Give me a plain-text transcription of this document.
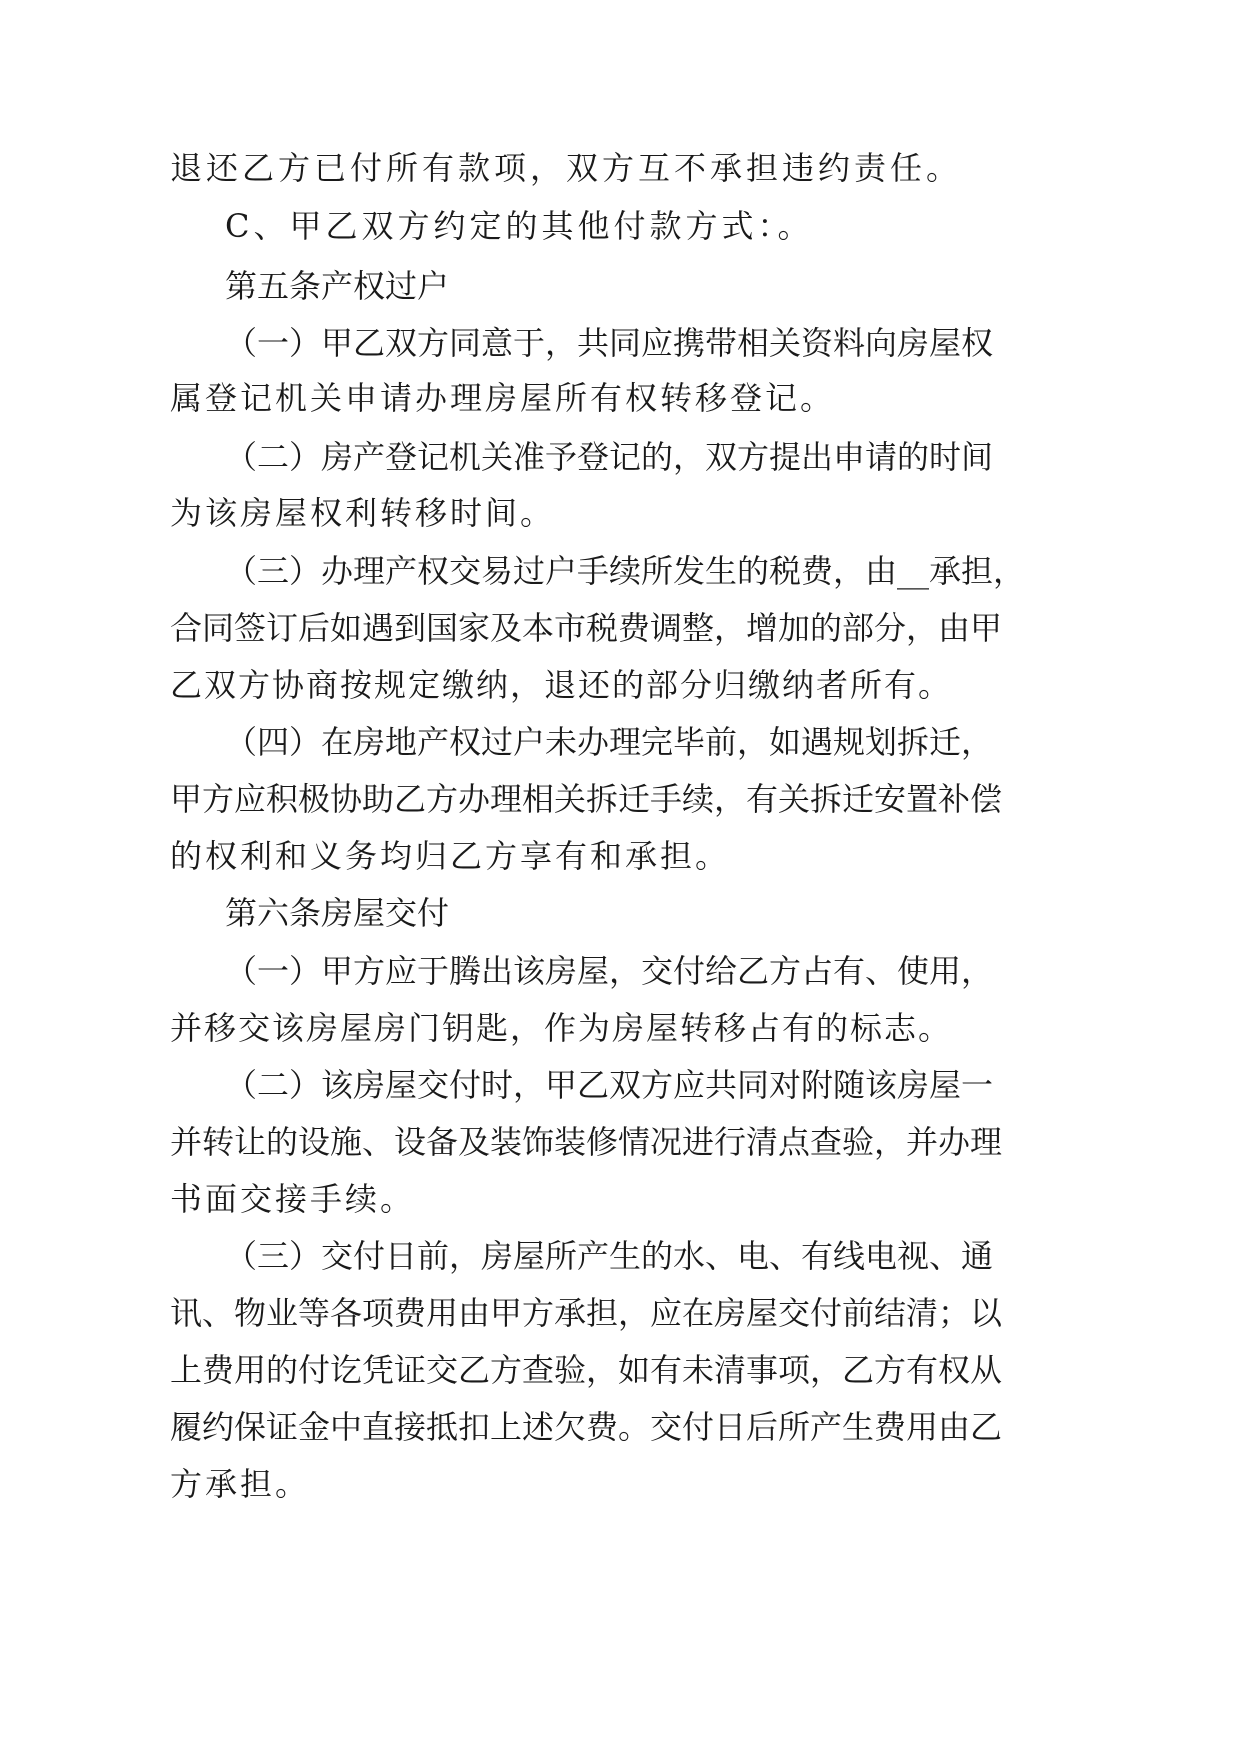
退还乙方已付所有款项，双方互不承担违约责任。
C、甲乙双方约定的其他付款方式：。
第五条产权过户
（一）甲乙双方同意于，共同应携带相关资料向房屋权
属登记机关申请办理房屋所有权转移登记。
（二）房产登记机关准予登记的，双方提出申请的时间
为该房屋权利转移时间。
（三）办理产权交易过户手续所发生的税费，由__承担，
合同签订后如遇到国家及本市税费调整，增加的部分，由甲
乙双方协商按规定缴纳，退还的部分归缴纳者所有。
（四）在房地产权过户未办理完毕前，如遇规划拆迁，
甲方应积极协助乙方办理相关拆迁手续，有关拆迁安置补偿
的权利和义务均归乙方享有和承担。
第六条房屋交付
（一）甲方应于腾出该房屋，交付给乙方占有、使用，
并移交该房屋房门钥匙，作为房屋转移占有的标志。
（二）该房屋交付时，甲乙双方应共同对附随该房屋一
并转让的设施、设备及装饰装修情况进行清点查验，并办理
书面交接手续。
（三）交付日前，房屋所产生的水、电、有线电视、通
讯、物业等各项费用由甲方承担，应在房屋交付前结清；以
上费用的付讫凭证交乙方查验，如有未清事项，乙方有权从
履约保证金中直接抵扣上述欠费。交付日后所产生费用由乙
方承担。
